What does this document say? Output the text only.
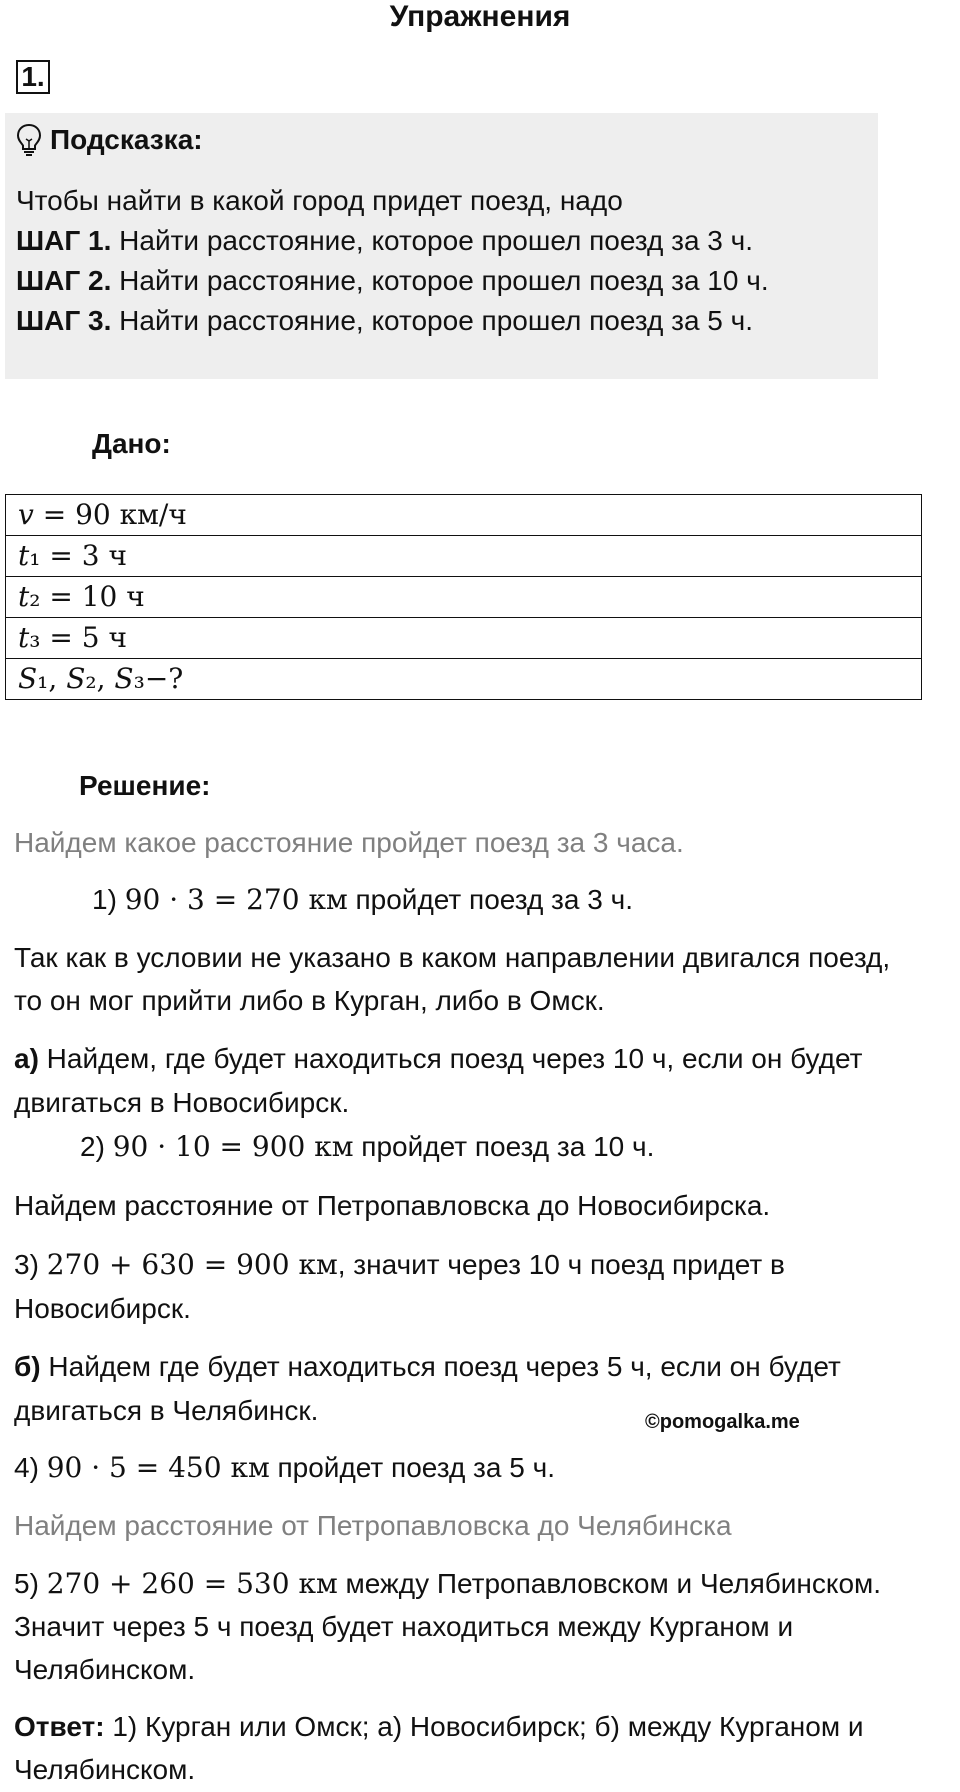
Упражнения
1.
Подсказка:
Чтобы найти в какой город придет поезд, надо
ШАГ 1. Найти расстояние, которое прошел поезд за 3 ч.
ШАГ 2. Найти расстояние, которое прошел поезд за 10 ч.
ШАГ 3. Найти расстояние, которое прошел поезд за 5 ч.
Дано:
𝑣 = 90 км/ч
𝑡₁ = 3 ч
𝑡₂ = 10 ч
𝑡₃ = 5 ч
𝑆₁, 𝑆₂, 𝑆₃−?
Решение:
Найдем какое расстояние пройдет поезд за 3 часа.
1) 90 · 3 = 270 км пройдет поезд за 3 ч.
Так как в условии не указано в каком направлении двигался поезд,
то он мог прийти либо в Курган, либо в Омск.
а) Найдем, где будет находиться поезд через 10 ч, если он будет
двигаться в Новосибирск.
2) 90 · 10 = 900 км пройдет поезд за 10 ч.
Найдем расстояние от Петропавловска до Новосибирска.
3) 270 + 630 = 900 км, значит через 10 ч поезд придет в
Новосибирск.
б) Найдем где будет находиться поезд через 5 ч, если он будет
двигаться в Челябинск.	©pomogalka.me
4) 90 · 5 = 450 км пройдет поезд за 5 ч.
Найдем расстояние от Петропавловска до Челябинска
5) 270 + 260 = 530 км между Петропавловском и Челябинском.
Значит через 5 ч поезд будет находиться между Курганом и
Челябинском.
Ответ: 1) Курган или Омск; а) Новосибирск; б) между Курганом и
Челябинском.
